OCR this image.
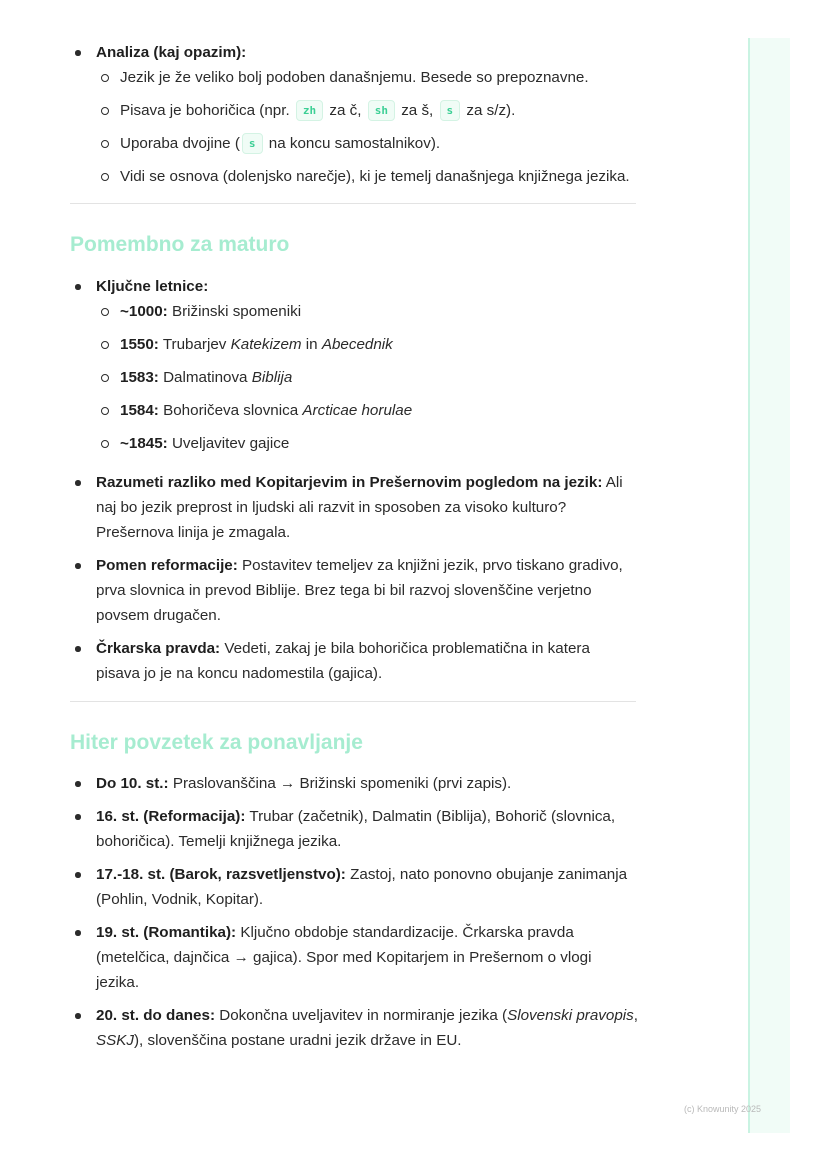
Analiza (kaj opazim):
Jezik je že veliko bolj podoben današnjemu. Besede so prepoznavne.
Pisava je bohoričica (npr. zh za č, sh za š, s za s/z).
Uporaba dvojine ( s na koncu samostalnikov).
Vidi se osnova (dolenjsko narečje), ki je temelj današnjega knjižnega jezika.
Pomembno za maturo
Ključne letnice:
~1000: Brižinski spomeniki
1550: Trubarjev Katekizem in Abecednik
1583: Dalmatinova Biblija
1584: Bohoričeva slovnica Arcticae horulae
~1845: Uveljavitev gajice
Razumeti razliko med Kopitarjevim in Prešernovim pogledom na jezik: Ali naj bo jezik preprost in ljudski ali razvit in sposoben za visoko kulturo? Prešernova linija je zmagala.
Pomen reformacije: Postavitev temeljev za knjižni jezik, prvo tiskano gradivo, prva slovnica in prevod Biblije. Brez tega bi bil razvoj slovenščine verjetno povsem drugačen.
Črkarska pravda: Vedeti, zakaj je bila bohoričica problematična in katera pisava jo je na koncu nadomestila (gajica).
Hiter povzetek za ponavljanje
Do 10. st.: Praslovanščina → Brižinski spomeniki (prvi zapis).
16. st. (Reformacija): Trubar (začetnik), Dalmatin (Biblija), Bohorič (slovnica, bohoričica). Temelji knjižnega jezika.
17.-18. st. (Barok, razsvetljenstvo): Zastoj, nato ponovno obujanje zanimanja (Pohlin, Vodnik, Kopitar).
19. st. (Romantika): Ključno obdobje standardizacije. Črkarska pravda (metelčica, dajnčica → gajica). Spor med Kopitarjem in Prešernom o vlogi jezika.
20. st. do danes: Dokončna uveljavitev in normiranje jezika (Slovenski pravopis, SSKJ), slovenščina postane uradni jezik države in EU.
(c) Knowunity 2025
